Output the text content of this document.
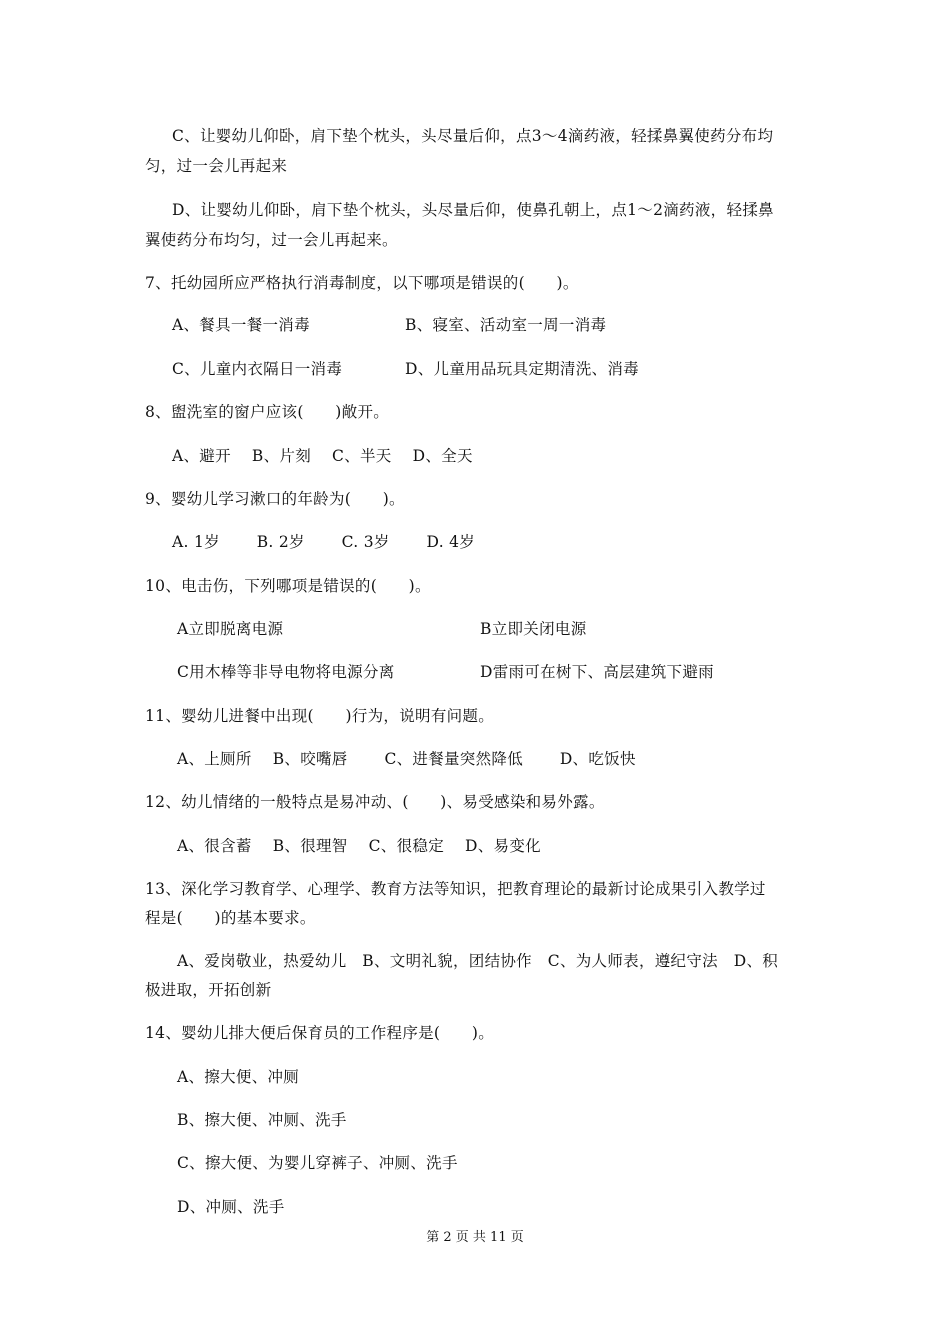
C、让婴幼儿仰卧，肩下垫个枕头，头尽量后仰，点3～4滴药液，轻揉鼻翼使药分布均
匀，过一会儿再起来
D、让婴幼儿仰卧，肩下垫个枕头，头尽量后仰，使鼻孔朝上，点1～2滴药液，轻揉鼻
翼使药分布均匀，过一会儿再起来。
7、托幼园所应严格执行消毒制度，以下哪项是错误的(　　)。
A、餐具一餐一消毒	B、寝室、活动室一周一消毒
C、儿童内衣隔日一消毒	D、儿童用品玩具定期清洗、消毒
8、盥洗室的窗户应该(　　)敞开。
A、避开　 B、片刻　 C、半天　 D、全天
9、婴幼儿学习漱口的年龄为(　　)。
A. 1岁　　 B. 2岁　　 C. 3岁　　 D. 4岁
10、电击伤，下列哪项是错误的(　　)。
A立即脱离电源	B立即关闭电源
C用木棒等非导电物将电源分离	D雷雨可在树下、高层建筑下避雨
11、婴幼儿进餐中出现(　　)行为，说明有问题。
A、上厕所　 B、咬嘴唇　　 C、进餐量突然降低　　 D、吃饭快
12、幼儿情绪的一般特点是易冲动、(　　)、易受感染和易外露。
A、很含蓄　 B、很理智　 C、很稳定　 D、易变化
13、深化学习教育学、心理学、教育方法等知识，把教育理论的最新讨论成果引入教学过
程是(　　)的基本要求。
A、爱岗敬业，热爱幼儿　B、文明礼貌，团结协作　C、为人师表，遵纪守法　D、积
极进取，开拓创新
14、婴幼儿排大便后保育员的工作程序是(　　)。
A、擦大便、冲厕
B、擦大便、冲厕、洗手
C、擦大便、为婴儿穿裤子、冲厕、洗手
D、冲厕、洗手
第 2 页 共 11 页
